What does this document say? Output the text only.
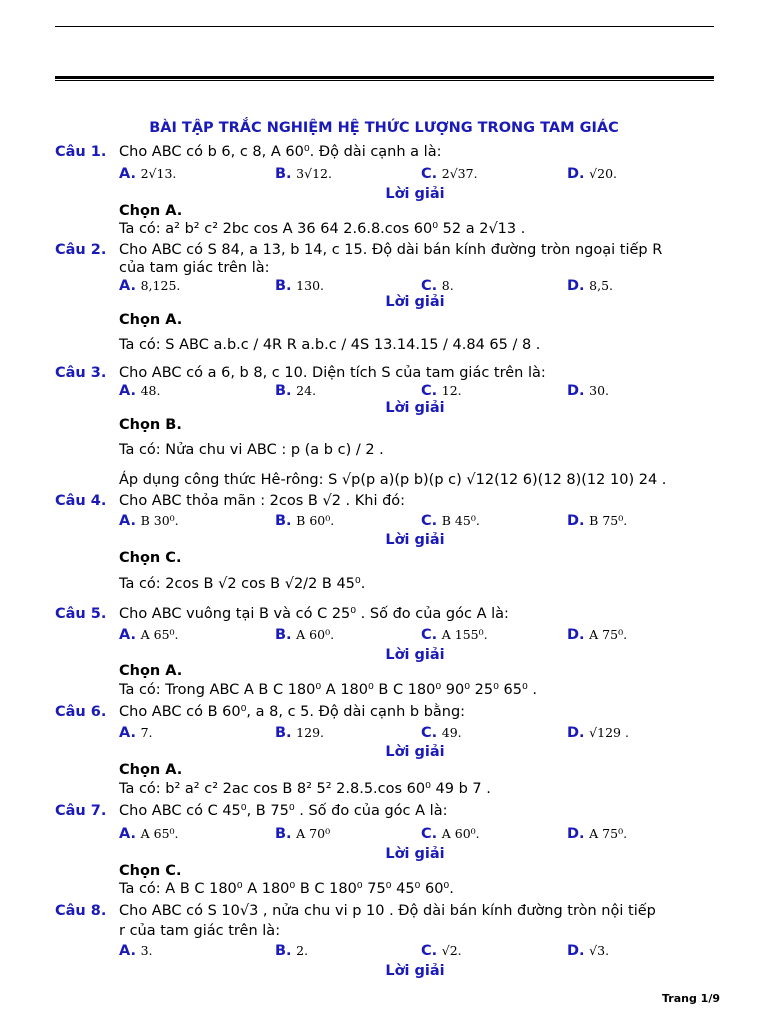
BÀI TẬP TRẮC NGHIỆM HỆ THỨC LƯỢNG TRONG TAM GIÁC
Câu 1. Cho ABC có b 6, c 8, A 60⁰. Độ dài cạnh a là:
A. 2√13.	B. 3√12.	C. 2√37.	D. √20.
Lời giải
Chọn A.
Ta có: a² b² c² 2bc cos A 36 64 2.6.8.cos 60⁰ 52 a 2√13 .
Câu 2. Cho ABC có S 84, a 13, b 14, c 15. Độ dài bán kính đường tròn ngoại tiếp R
của tam giác trên là:
A. 8,125.	B. 130.	C. 8.	D. 8,5.
Lời giải
Chọn A.
Ta có: S ABC a.b.c / 4R R a.b.c / 4S 13.14.15 / 4.84 65 / 8 .
Câu 3. Cho ABC có a 6, b 8, c 10. Diện tích S của tam giác trên là:
A. 48.	B. 24.	C. 12.	D. 30.
Lời giải
Chọn B.
Ta có: Nửa chu vi ABC : p (a b c) / 2 .
Áp dụng công thức Hê-rông: S √p(p a)(p b)(p c) √12(12 6)(12 8)(12 10) 24 .
Câu 4. Cho ABC thỏa mãn : 2cos B √2 . Khi đó:
A. B 30⁰.	B. B 60⁰.	C. B 45⁰.	D. B 75⁰.
Lời giải
Chọn C.
Ta có: 2cos B √2 cos B √2/2 B 45⁰.
Câu 5. Cho ABC vuông tại B và có C 25⁰ . Số đo của góc A là:
A. A 65⁰.	B. A 60⁰.	C. A 155⁰.	D. A 75⁰.
Lời giải
Chọn A.
Ta có: Trong ABC A B C 180⁰ A 180⁰ B C 180⁰ 90⁰ 25⁰ 65⁰ .
Câu 6. Cho ABC có B 60⁰, a 8, c 5. Độ dài cạnh b bằng:
A. 7.	B. 129.	C. 49.	D. √129 .
Lời giải
Chọn A.
Ta có: b² a² c² 2ac cos B 8² 5² 2.8.5.cos 60⁰ 49 b 7 .
Câu 7. Cho ABC có C 45⁰, B 75⁰ . Số đo của góc A là:
A. A 65⁰.	B. A 70⁰	C. A 60⁰.	D. A 75⁰.
Lời giải
Chọn C.
Ta có: A B C 180⁰ A 180⁰ B C 180⁰ 75⁰ 45⁰ 60⁰.
Câu 8. Cho ABC có S 10√3 , nửa chu vi p 10 . Độ dài bán kính đường tròn nội tiếp
r của tam giác trên là:
A. 3.	B. 2.	C. √2.	D. √3.
Lời giải
Trang 1/9
